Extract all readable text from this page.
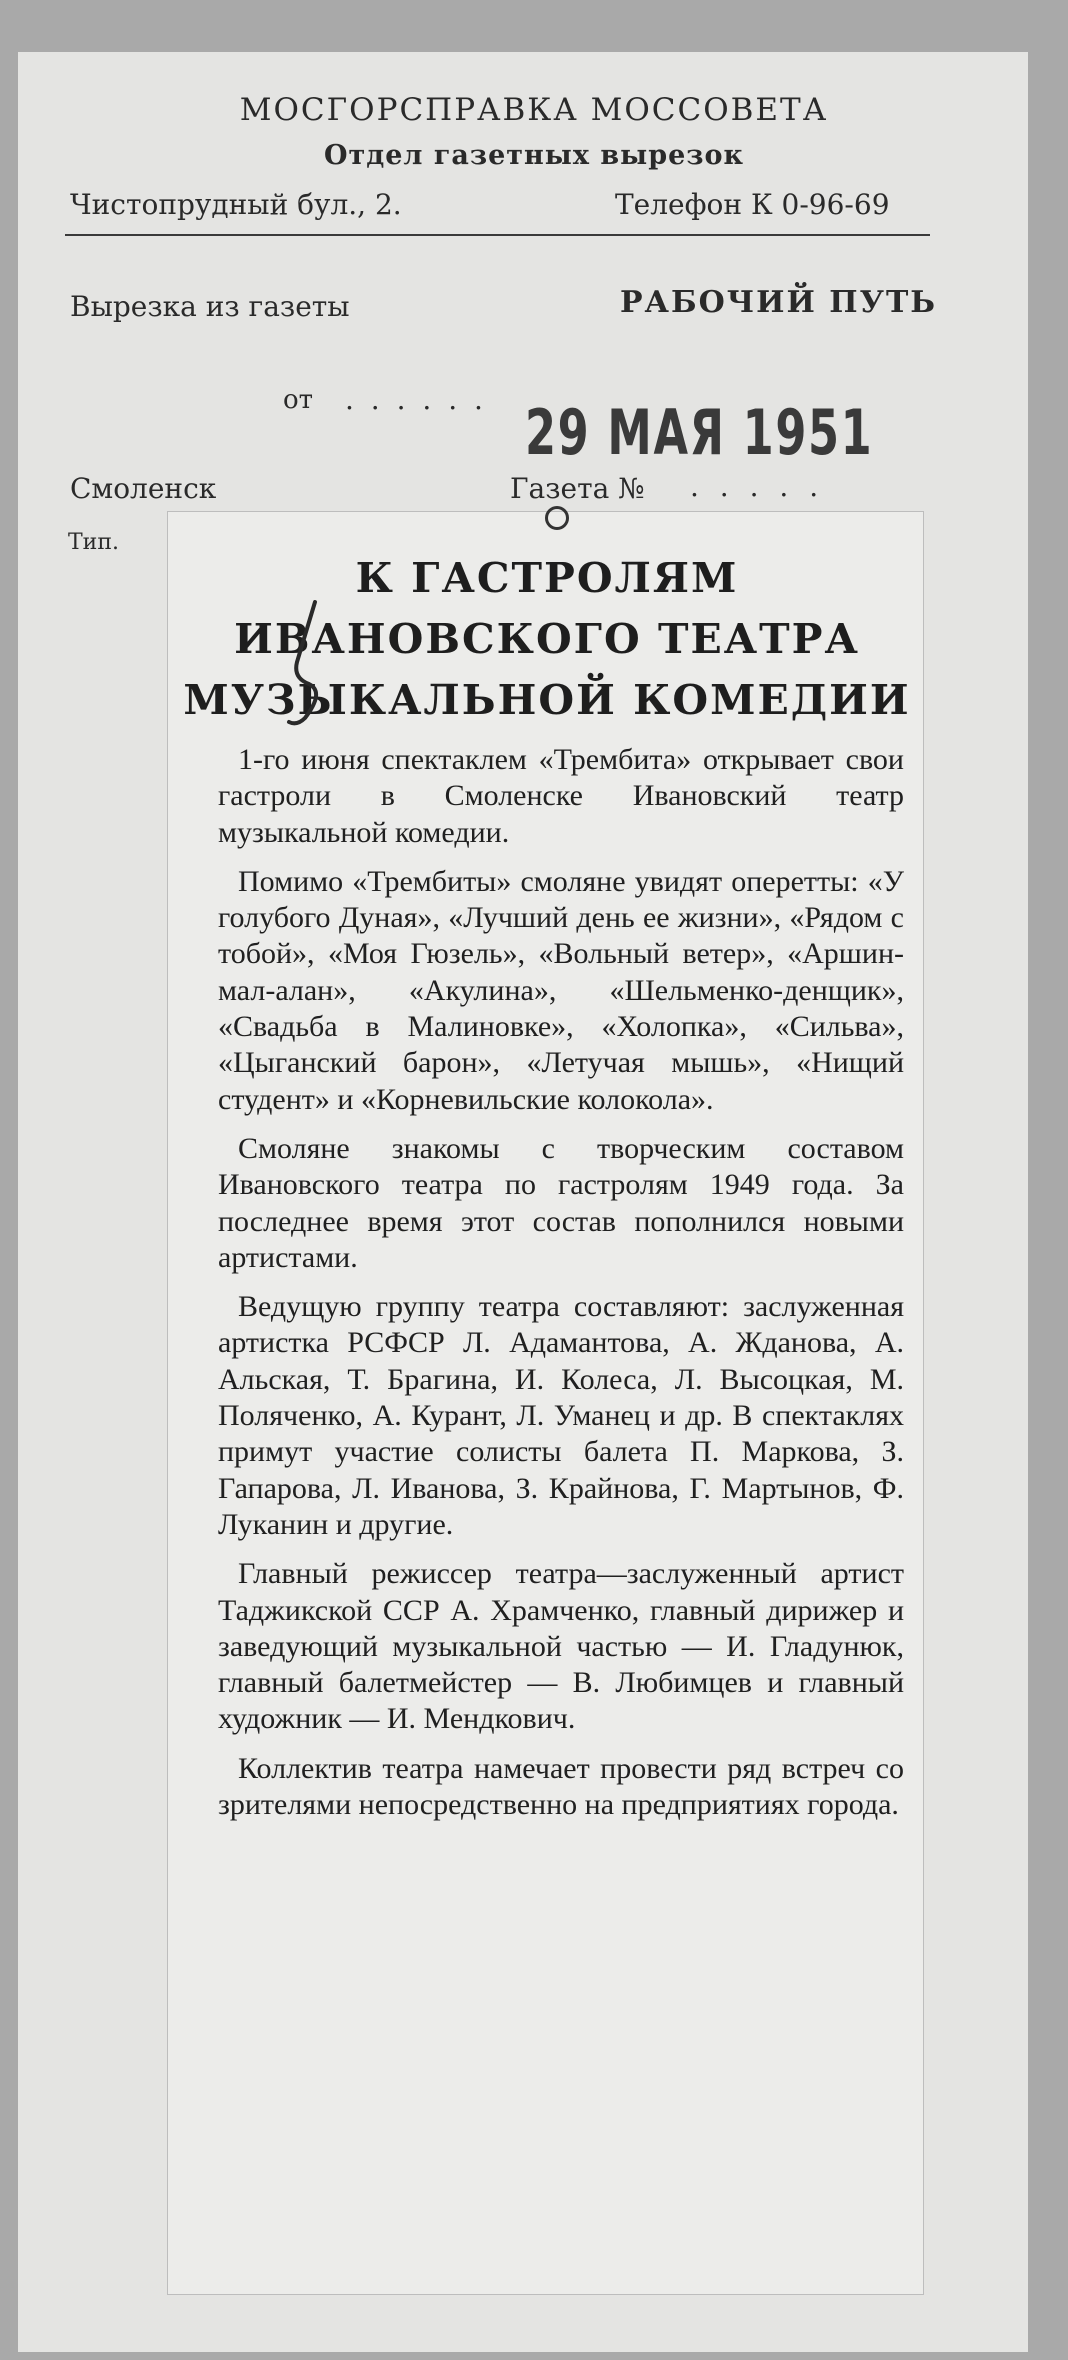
МОСГОРСПРАВКА МОССОВЕТА
Отдел газетных вырезок
Чистопрудный бул., 2.	Телефон К 0-96-69
Вырезка из газеты	РАБОЧИЙ ПУТЬ
от . . . . . . 29 МАЯ 1951
Смоленск	Газета № . . . . .
Тип.
К ГАСТРОЛЯМ ИВАНОВСКОГО ТЕАТРА МУЗЫКАЛЬНОЙ КОМЕДИИ

1-го июня спектаклем «Трембита» открывает свои гастроли в Смоленске Ивановский театр музыкальной комедии.

Помимо «Трембиты» смоляне увидят оперетты: «У голубого Дуная», «Лучший день ее жизни», «Рядом с тобой», «Моя Гюзель», «Вольный ветер», «Аршин-мал-алан», «Акулина», «Шельменко-денщик», «Свадьба в Малиновке», «Холопка», «Сильва», «Цыганский барон», «Летучая мышь», «Нищий студент» и «Корневильские колокола».

Смоляне знакомы с творческим составом Ивановского театра по гастролям 1949 года. За последнее время этот состав пополнился новыми артистами.

Ведущую группу театра составляют: заслуженная артистка РСФСР Л. Адамантова, А. Жданова, А. Альская, Т. Брагина, И. Колеса, Л. Высоцкая, М. Поляченко, А. Курант, Л. Уманец и др. В спектаклях примут участие солисты балета П. Маркова, З. Гапарова, Л. Иванова, З. Крайнова, Г. Мартынов, Ф. Луканин и другие.

Главный режиссер театра—заслуженный артист Таджикской ССР А. Храмченко, главный дирижер и заведующий музыкальной частью — И. Гладунюк, главный балетмейстер — В. Любимцев и главный художник — И. Мендкович.

Коллектив театра намечает провести ряд встреч со зрителями непосредственно на предприятиях города.
